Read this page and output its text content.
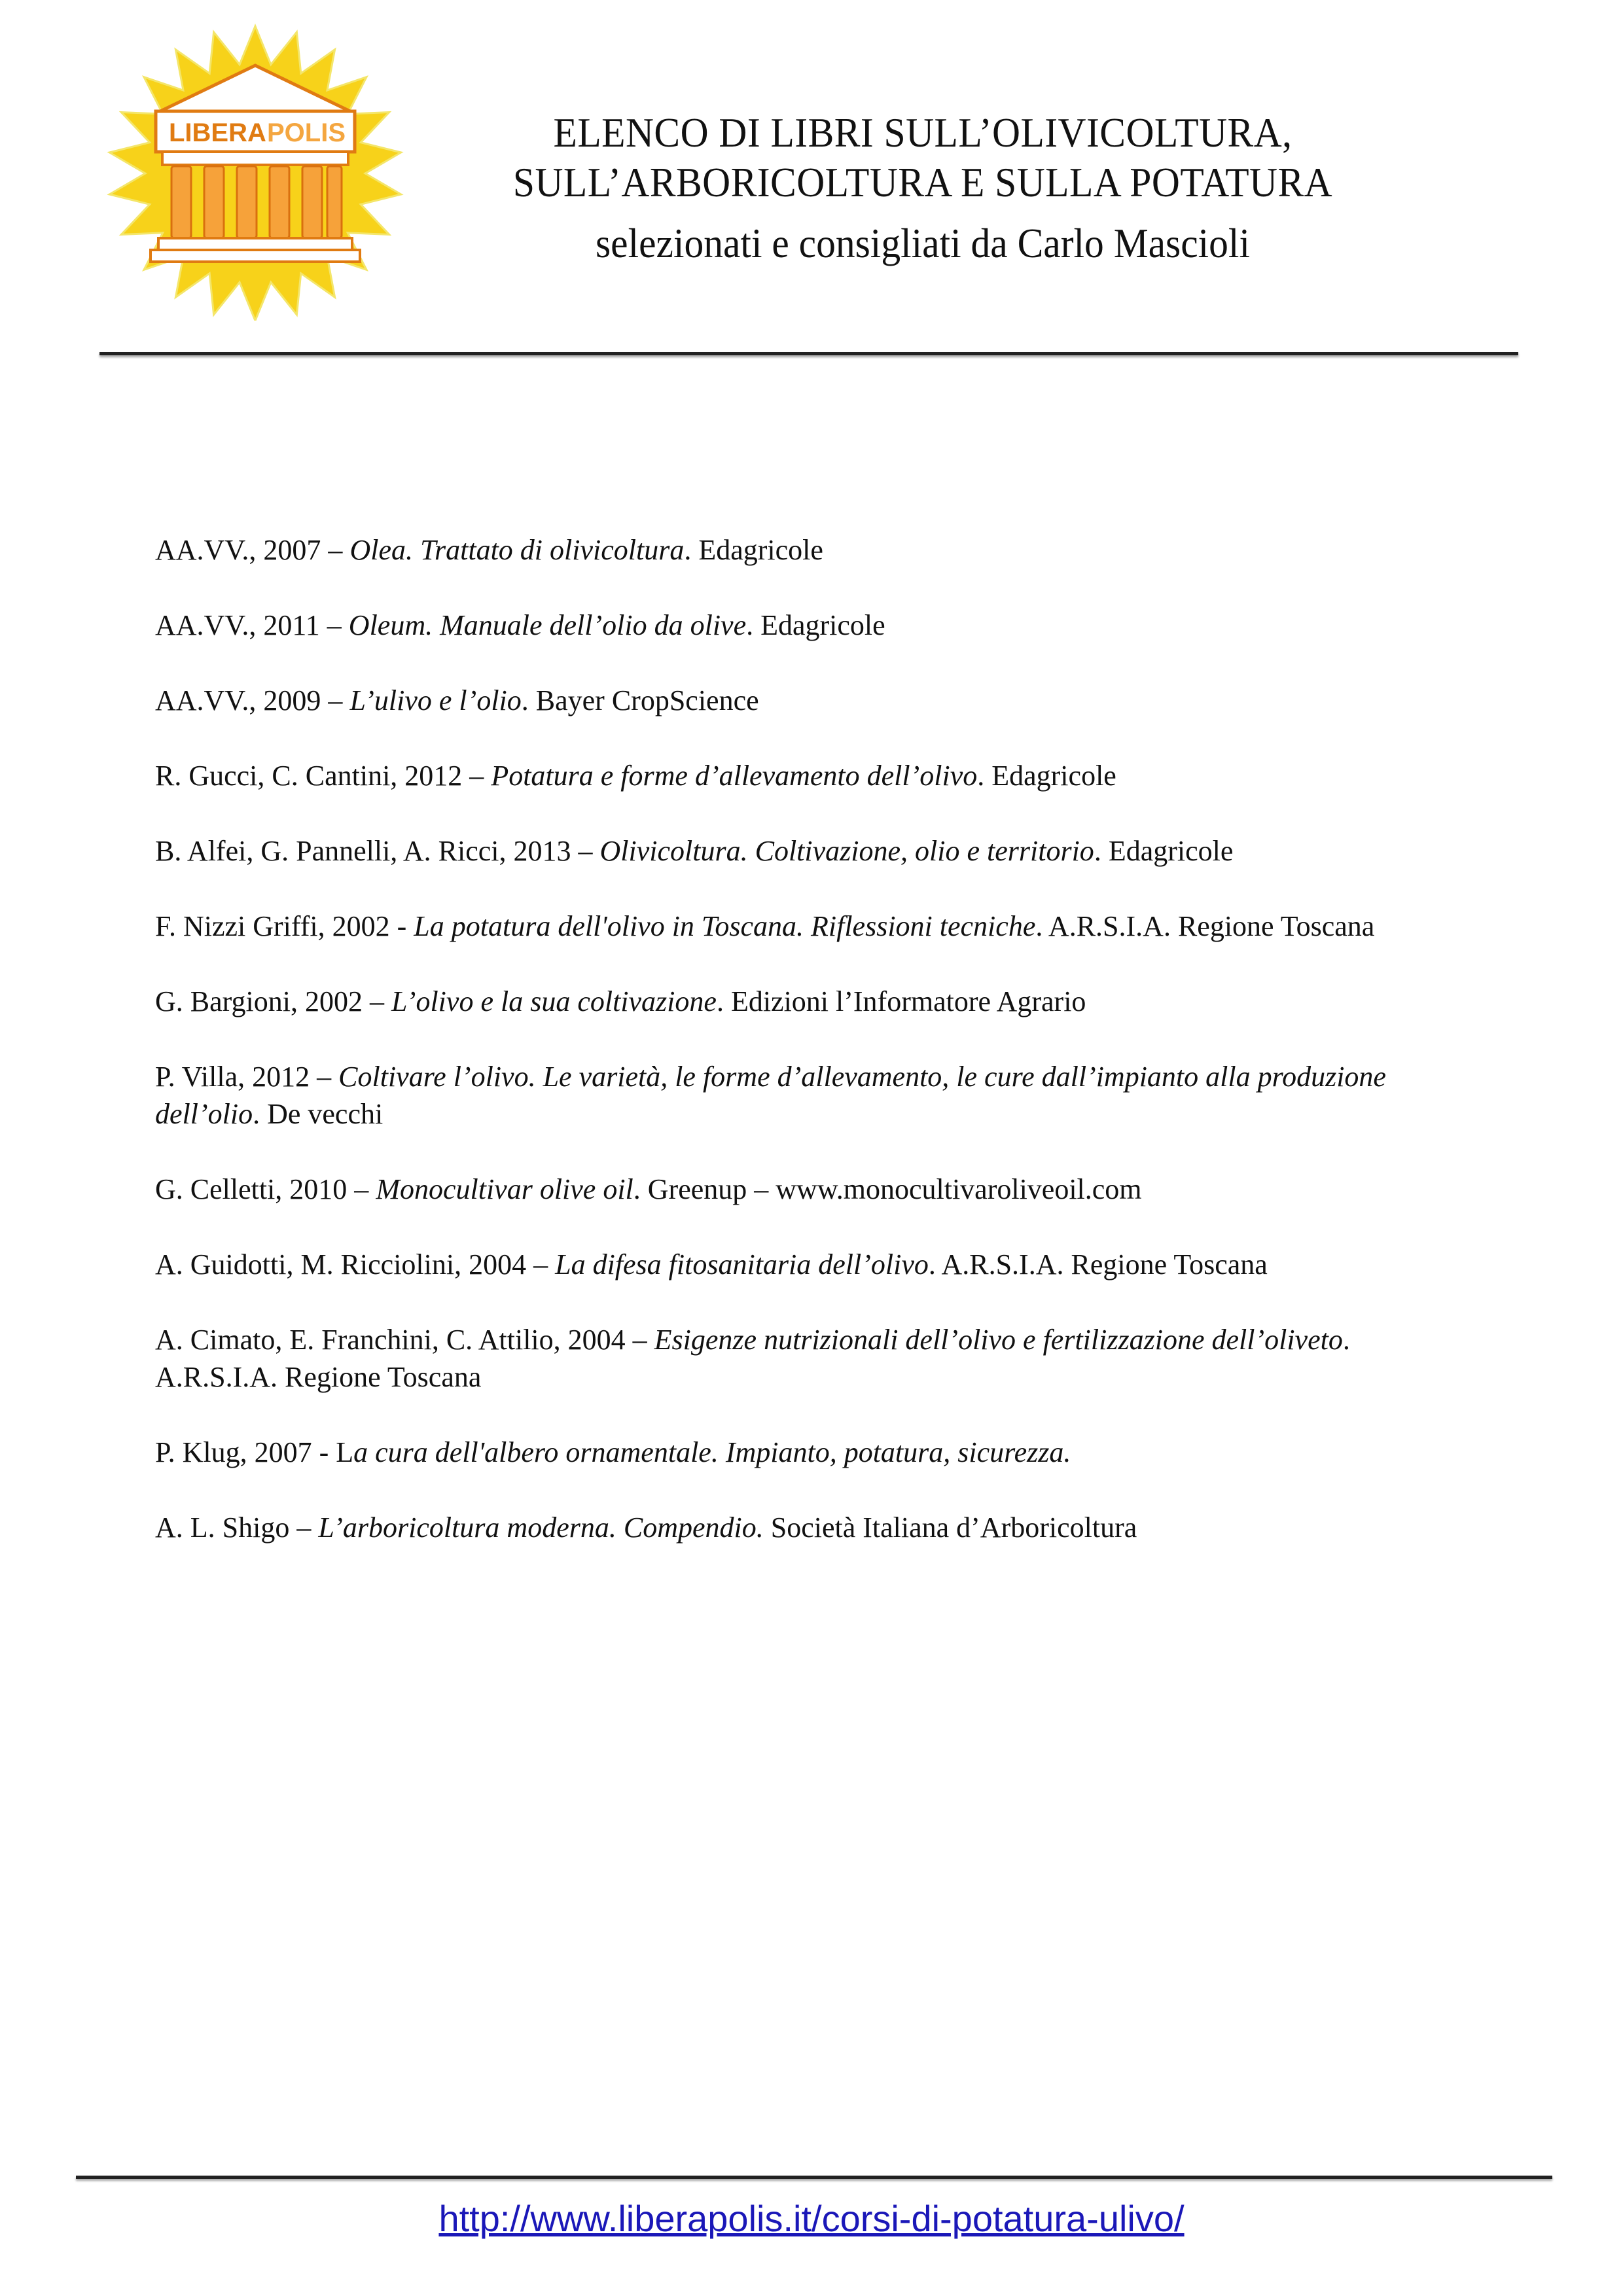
LIBERA POLIS	ELENCO DI LIBRI SULL’OLIVICOLTURA,
SULL’ARBORICOLTURA E SULLA POTATURA
selezionati e consigliati da Carlo Mascioli

AA.VV., 2007 – Olea. Trattato di olivicoltura. Edagricole

AA.VV., 2011 – Oleum. Manuale dell’olio da olive. Edagricole

AA.VV., 2009 – L’ulivo e l’olio. Bayer CropScience

R. Gucci, C. Cantini, 2012 – Potatura e forme d’allevamento dell’olivo. Edagricole

B. Alfei, G. Pannelli, A. Ricci, 2013 – Olivicoltura. Coltivazione, olio e territorio. Edagricole

F. Nizzi Griffi, 2002 - La potatura dell'olivo in Toscana. Riflessioni tecniche. A.R.S.I.A. Regione Toscana

G. Bargioni, 2002 – L’olivo e la sua coltivazione. Edizioni l’Informatore Agrario

P. Villa, 2012 – Coltivare l’olivo. Le varietà, le forme d’allevamento, le cure dall’impianto alla produzione dell’olio. De vecchi

G. Celletti, 2010 – Monocultivar olive oil. Greenup – www.monocultivaroliveoil.com

A. Guidotti, M. Ricciolini, 2004 – La difesa fitosanitaria dell’olivo. A.R.S.I.A. Regione Toscana

A. Cimato, E. Franchini, C. Attilio, 2004 – Esigenze nutrizionali dell’olivo e fertilizzazione dell’oliveto. A.R.S.I.A. Regione Toscana

P. Klug, 2007 - La cura dell'albero ornamentale. Impianto, potatura, sicurezza.

A. L. Shigo – L’arboricoltura moderna. Compendio. Società Italiana d’Arboricoltura

http://www.liberapolis.it/corsi-di-potatura-ulivo/
